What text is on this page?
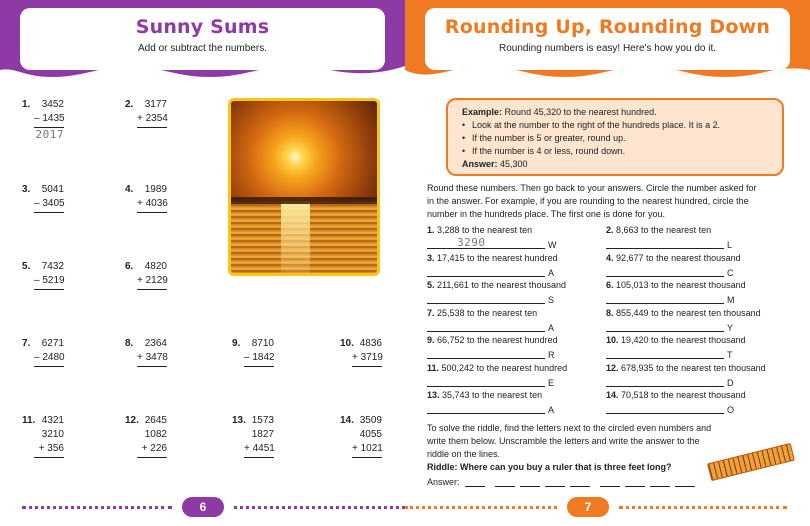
Sunny Sums
Add or subtract the numbers.
1.	3452
– 1435
2017
2.	3177
+ 2354
3.	5041
– 3405
4.	1989
+ 4036
5.	7432
– 5219
6.	4820
+ 2129
7.	6271
– 2480
8.	2364
+ 3478
9.	8710
– 1842
10. 4836
+ 3719
11. 4321
3210
+ 356
12. 2645
1082
+ 226
13. 1573
1827
+ 4451
14. 3509
4055
+ 1021
6
Rounding Up, Rounding Down
Rounding numbers is easy! Here's how you do it.
7
Example: Round 45,320 to the nearest hundred.
• Look at the number to the right of the hundreds place. It is a 2.
• If the number is 5 or greater, round up.
• If the number is 4 or less, round down.
Answer: 45,300
Round these numbers. Then go back to your answers. Circle the number asked for
in the answer. For example, if you are rounding to the nearest hundred, circle the
number in the hundreds place. The first one is done for you.
1. 3,288 to the nearest ten
3290	W
2. 8,663 to the nearest ten
L
3. 17,415 to the nearest hundred
A
4. 92,677 to the nearest thousand
C
5. 211,661 to the nearest thousand
S
6. 105,013 to the nearest thousand
M
7. 25,538 to the nearest ten
A
8. 855,449 to the nearest ten thousand
Y
9. 66,752 to the nearest hundred
R
10. 19,420 to the nearest thousand
T
11. 500,242 to the nearest hundred
E
12. 678,935 to the nearest ten thousand
D
13. 35,743 to the nearest ten
A
14. 70,518 to the nearest thousand
O
To solve the riddle, find the letters next to the circled even numbers and
write them below. Unscramble the letters and write the answer to the
riddle on the lines.
Riddle: Where can you buy a ruler that is three feet long?
Answer:
